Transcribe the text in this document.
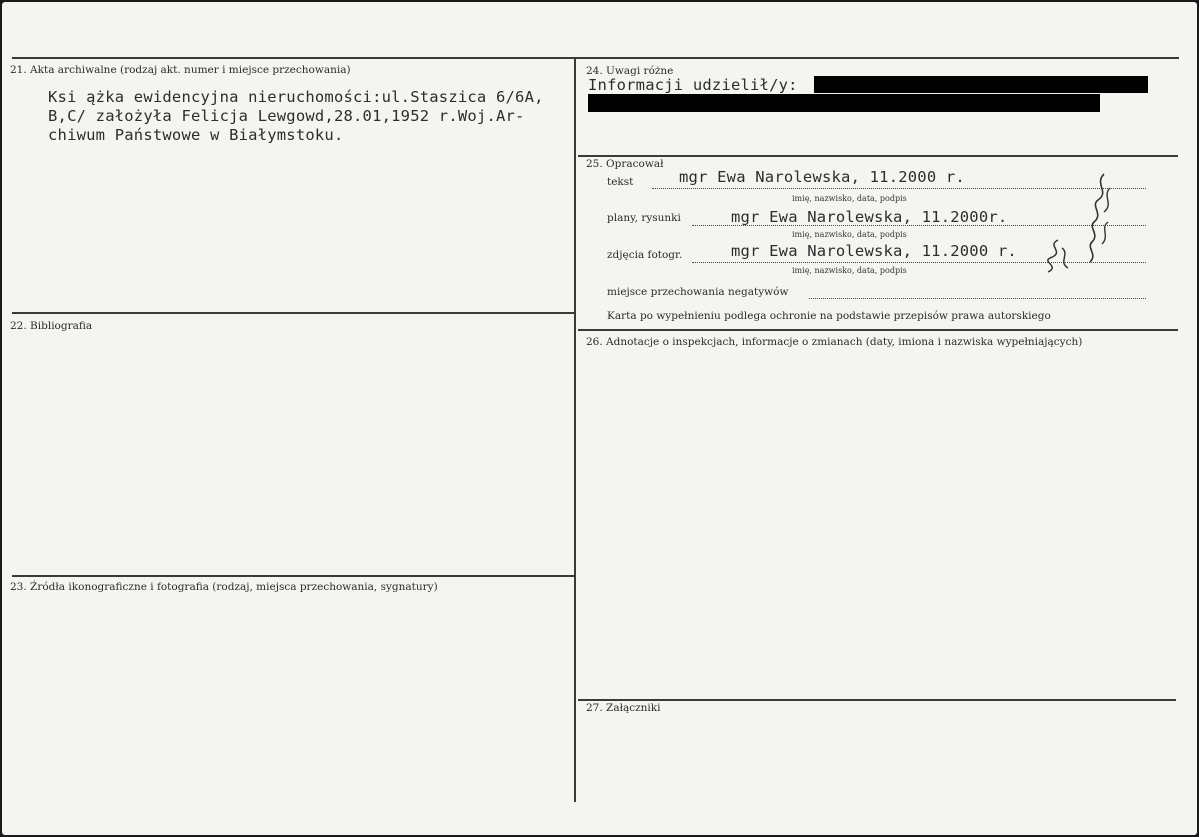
21. Akta archiwalne (rodzaj akt. numer i miejsce przechowania)
Ksi ążka ewidencyjna nieruchomości:ul.Staszica 6/6A,
B,C/ założyła Felicja Lewgowd,28.01,1952 r.Woj.Ar-
chiwum Państwowe w Białymstoku.
22. Bibliografia
23. Źródła ikonograficzne i fotografia (rodzaj, miejsca przechowania, sygnatury)
24. Uwagi różne
Informacji udzielił/y:
25. Opracował
tekst	mgr Ewa Narolewska, 11.2000 r.
imię, nazwisko, data, podpis
plany, rysunki	mgr Ewa Narolewska, 11.2000r.
imię, nazwisko, data, podpis
zdjęcia fotogr.	mgr Ewa Narolewska, 11.2000 r.
imię, nazwisko, data, podpis
miejsce przechowania negatywów
Karta po wypełnieniu podlega ochronie na podstawie przepisów prawa autorskiego
26. Adnotacje o inspekcjach, informacje o zmianach (daty, imiona i nazwiska wypełniających)
27. Załączniki
